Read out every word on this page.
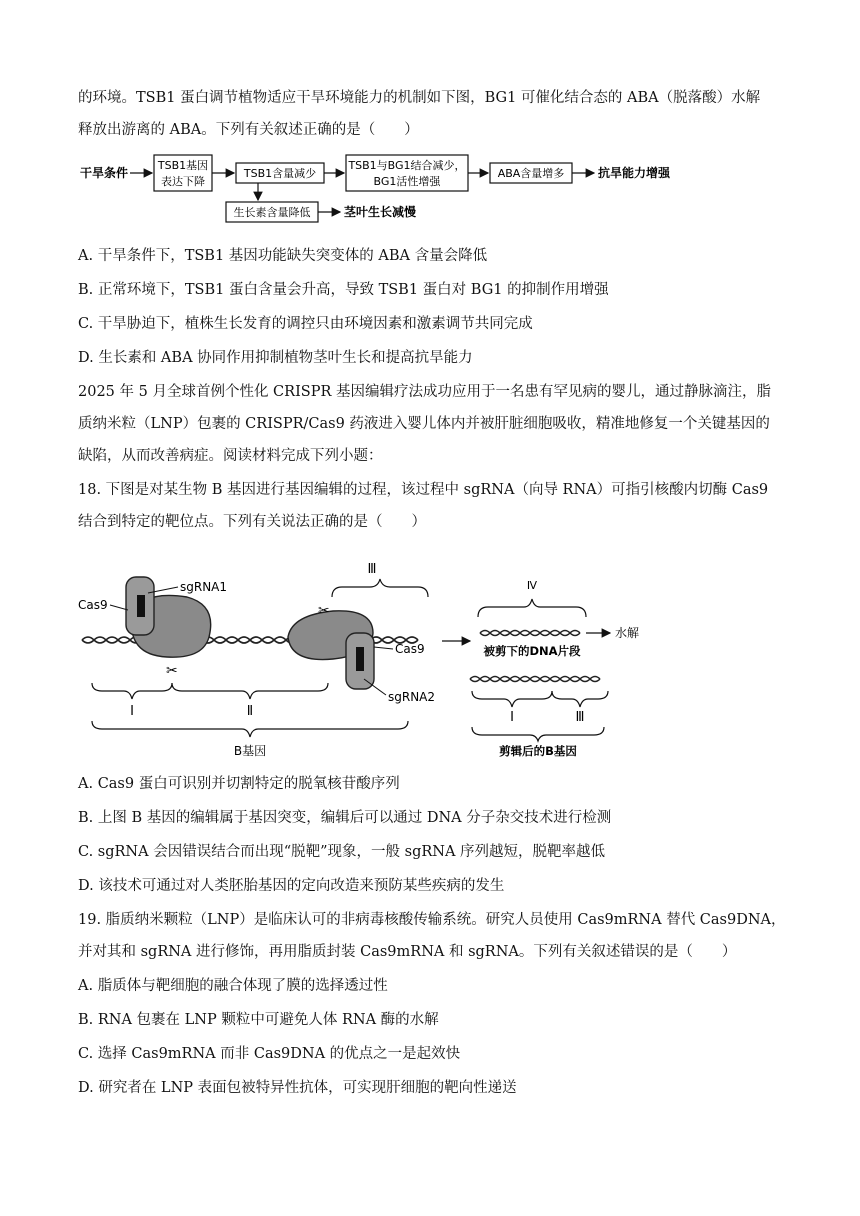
的环境。TSB1 蛋白调节植物适应干旱环境能力的机制如下图，BG1 可催化结合态的 ABA（脱落酸）水解
释放出游离的 ABA。下列有关叙述正确的是（　　）
干旱条件
TSB1基因
表达下降
TSB1含量减少
TSB1与BG1结合减少，
BG1活性增强
ABA含量增多	抗旱能力增强
生长素含量降低	茎叶生长减慢
A. 干旱条件下，TSB1 基因功能缺失突变体的 ABA 含量会降低
B. 正常环境下，TSB1 蛋白含量会升高，导致 TSB1 蛋白对 BG1 的抑制作用增强
C. 干旱胁迫下，植株生长发育的调控只由环境因素和激素调节共同完成
D. 生长素和 ABA 协同作用抑制植物茎叶生长和提高抗旱能力
2025 年 5 月全球首例个性化 CRISPR 基因编辑疗法成功应用于一名患有罕见病的婴儿，通过静脉滴注，脂
质纳米粒（LNP）包裹的 CRISPR/Cas9 药液进入婴儿体内并被肝脏细胞吸收，精准地修复一个关键基因的
缺陷，从而改善病症。阅读材料完成下列小题：
18. 下图是对某生物 B 基因进行基因编辑的过程，该过程中 sgRNA（向导 RNA）可指引核酸内切酶 Cas9
结合到特定的靶位点。下列有关说法正确的是（　　）
Cas9
sgRNA1
✂
✂
Cas9
sgRNA2
Ⅲ
Ⅰ	Ⅱ
B基因
Ⅳ
水解
被剪下的DNA片段
Ⅰ	Ⅲ
剪辑后的B基因
A. Cas9 蛋白可识别并切割特定的脱氧核苷酸序列
B. 上图 B 基因的编辑属于基因突变，编辑后可以通过 DNA 分子杂交技术进行检测
C. sgRNA 会因错误结合而出现“脱靶”现象，一般 sgRNA 序列越短，脱靶率越低
D. 该技术可通过对人类胚胎基因的定向改造来预防某些疾病的发生
19. 脂质纳米颗粒（LNP）是临床认可的非病毒核酸传输系统。研究人员使用 Cas9mRNA 替代 Cas9DNA，
并对其和 sgRNA 进行修饰，再用脂质封装 Cas9mRNA 和 sgRNA。下列有关叙述错误的是（　　）
A. 脂质体与靶细胞的融合体现了膜的选择透过性
B. RNA 包裹在 LNP 颗粒中可避免人体 RNA 酶的水解
C. 选择 Cas9mRNA 而非 Cas9DNA 的优点之一是起效快
D. 研究者在 LNP 表面包被特异性抗体，可实现肝细胞的靶向性递送
